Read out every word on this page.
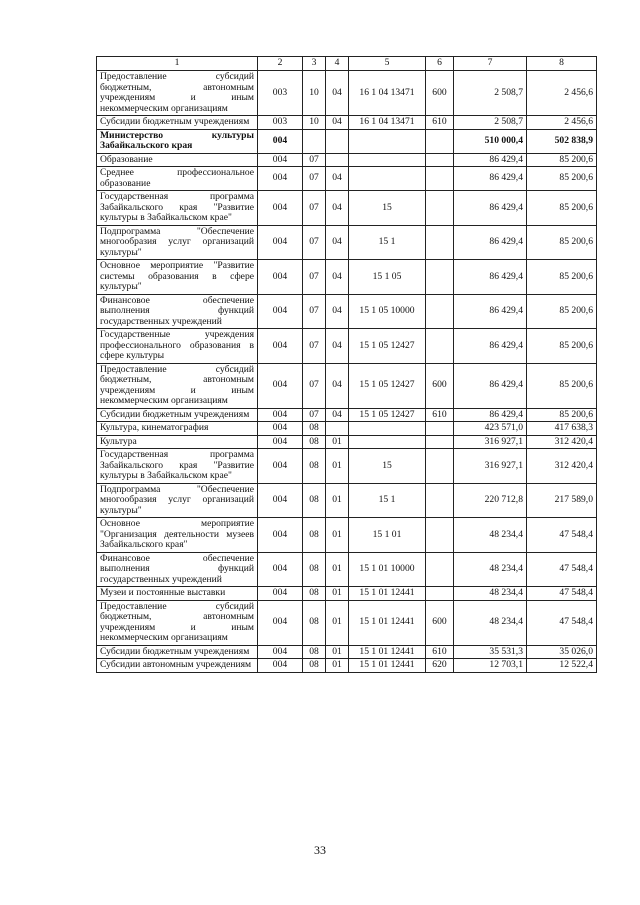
1	2	3	4	5	6	7	8
Предоставление субсидий бюджетным, автономным учреждениям и иным некоммерческим организациям	003	10	04	16 1 04 13471	600	2 508,7	2 456,6
Субсидии бюджетным учреждениям	003	10	04	16 1 04 13471	610	2 508,7	2 456,6
Министерство культуры Забайкальского края	004					510 000,4	502 838,9
Образование	004	07				86 429,4	85 200,6
Среднее профессиональное образование	004	07	04			86 429,4	85 200,6
Государственная программа Забайкальского края "Развитие культуры в Забайкальском крае"	004	07	04	15		86 429,4	85 200,6
Подпрограмма "Обеспечение многообразия услуг организаций культуры"	004	07	04	15 1		86 429,4	85 200,6
Основное мероприятие "Развитие системы образования в сфере культуры"	004	07	04	15 1 05		86 429,4	85 200,6
Финансовое обеспечение выполнения функций государственных учреждений	004	07	04	15 1 05 10000		86 429,4	85 200,6
Государственные учреждения профессионального образования в сфере культуры	004	07	04	15 1 05 12427		86 429,4	85 200,6
Предоставление субсидий бюджетным, автономным учреждениям и иным некоммерческим организациям	004	07	04	15 1 05 12427	600	86 429,4	85 200,6
Субсидии бюджетным учреждениям	004	07	04	15 1 05 12427	610	86 429,4	85 200,6
Культура, кинематография	004	08				423 571,0	417 638,3
Культура	004	08	01			316 927,1	312 420,4
Государственная программа Забайкальского края "Развитие культуры в Забайкальском крае"	004	08	01	15		316 927,1	312 420,4
Подпрограмма "Обеспечение многообразия услуг организаций культуры"	004	08	01	15 1		220 712,8	217 589,0
Основное мероприятие "Организация деятельности музеев Забайкальского края"	004	08	01	15 1 01		48 234,4	47 548,4
Финансовое обеспечение выполнения функций государственных учреждений	004	08	01	15 1 01 10000		48 234,4	47 548,4
Музеи и постоянные выставки	004	08	01	15 1 01 12441		48 234,4	47 548,4
Предоставление субсидий бюджетным, автономным учреждениям и иным некоммерческим организациям	004	08	01	15 1 01 12441	600	48 234,4	47 548,4
Субсидии бюджетным учреждениям	004	08	01	15 1 01 12441	610	35 531,3	35 026,0
Субсидии автономным учреждениям	004	08	01	15 1 01 12441	620	12 703,1	12 522,4
33
